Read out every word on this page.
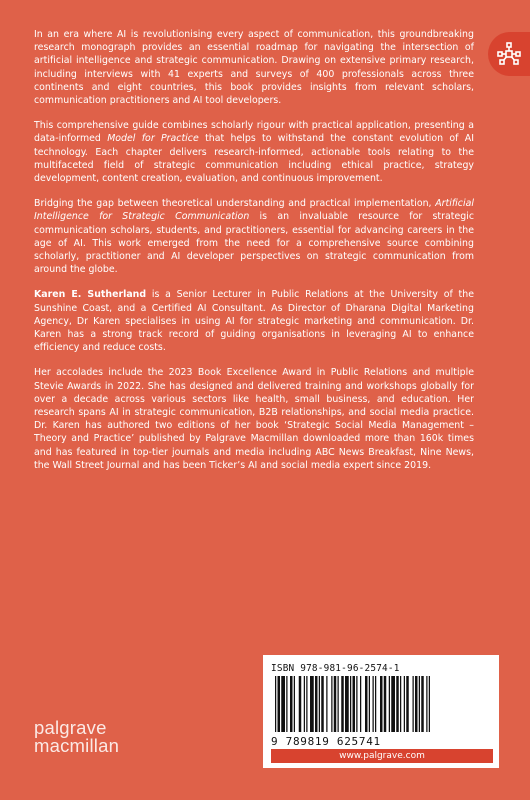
In an era where AI is revolutionising every aspect of communication, this groundbreaking research monograph provides an essential roadmap for navigating the intersection of artificial intelligence and strategic communication. Drawing on extensive primary research, including interviews with 41 experts and surveys of 400 professionals across three continents and eight countries, this book provides insights from relevant scholars, communication practitioners and AI tool developers.

This comprehensive guide combines scholarly rigour with practical application, presenting a data-informed Model for Practice that helps to withstand the constant evolution of AI technology. Each chapter delivers research-informed, actionable tools relating to the multifaceted field of strategic communication including ethical practice, strategy development, content creation, evaluation, and continuous improvement.

Bridging the gap between theoretical understanding and practical implementation, Artificial Intelligence for Strategic Communication is an invaluable resource for strategic communication scholars, students, and practitioners, essential for advancing careers in the age of AI. This work emerged from the need for a comprehensive source combining scholarly, practitioner and AI developer perspectives on strategic communication from around the globe.

Karen E. Sutherland is a Senior Lecturer in Public Relations at the University of the Sunshine Coast, and a Certified AI Consultant. As Director of Dharana Digital Marketing Agency, Dr Karen specialises in using AI for strategic marketing and communication. Dr. Karen has a strong track record of guiding organisations in leveraging AI to enhance efficiency and reduce costs.

Her accolades include the 2023 Book Excellence Award in Public Relations and multiple Stevie Awards in 2022. She has designed and delivered training and workshops globally for over a decade across various sectors like health, small business, and education. Her research spans AI in strategic communication, B2B relationships, and social media practice. Dr. Karen has authored two editions of her book ‘Strategic Social Media Management – Theory and Practice’ published by Palgrave Macmillan downloaded more than 160k times and has featured in top-tier journals and media including ABC News Breakfast, Nine News, the Wall Street Journal and has been Ticker’s AI and social media expert since 2019.

palgrave
macmillan
ISBN 978-981-96-2574-1
9 789819 625741
www.palgrave.com
